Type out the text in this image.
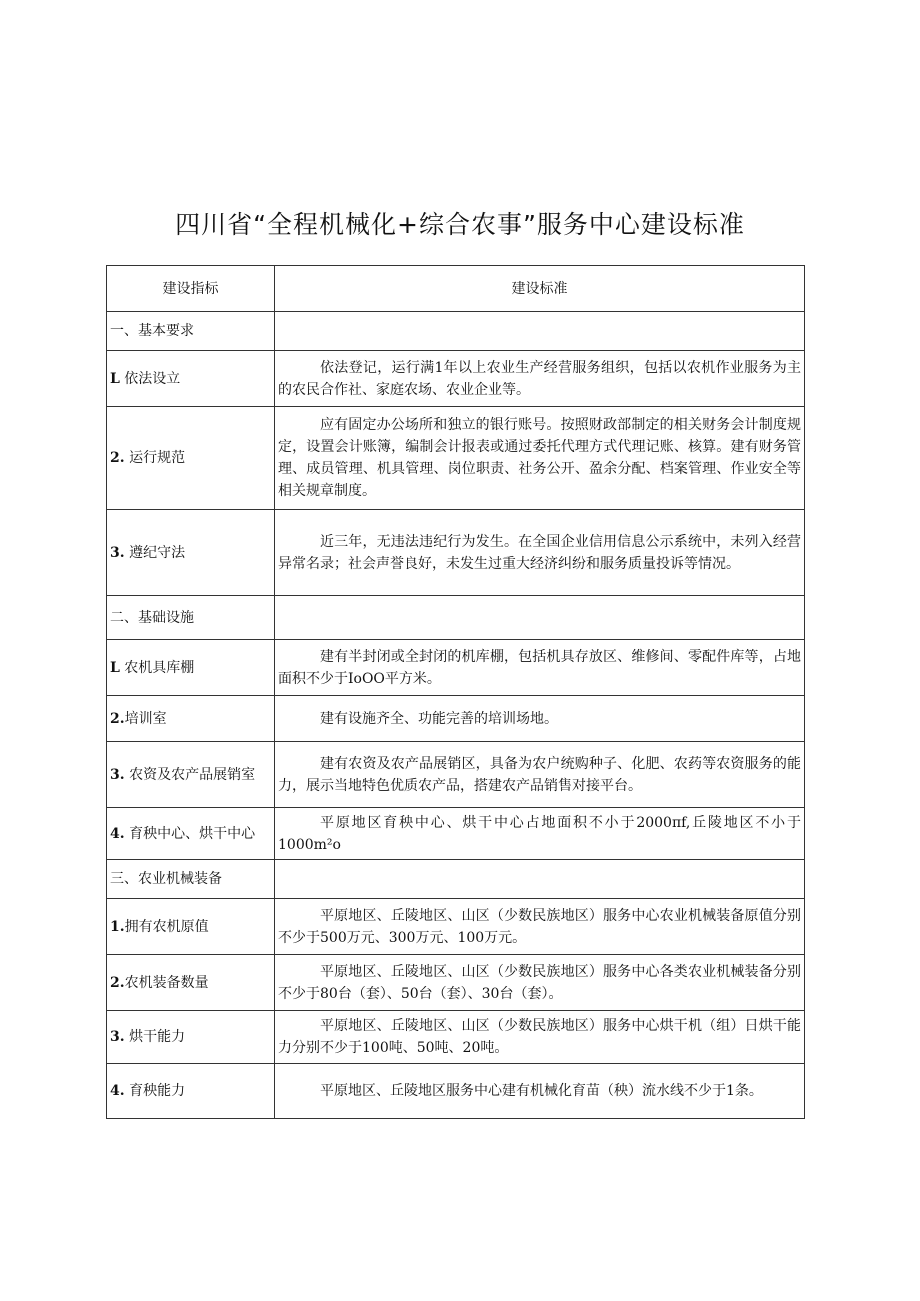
四川省“全程机械化+综合农事”服务中心建设标准
建设指标	建设标准
一、基本要求	
L 依法设立	依法登记，运行满1年以上农业生产经营服务组织，包括以农机作业服务为主的农民合作社、家庭农场、农业企业等。
2. 运行规范	应有固定办公场所和独立的银行账号。按照财政部制定的相关财务会计制度规定，设置会计账簿，编制会计报表或通过委托代理方式代理记账、核算。建有财务管理、成员管理、机具管理、岗位职责、社务公开、盈余分配、档案管理、作业安全等相关规章制度。
3. 遵纪守法	近三年，无违法违纪行为发生。在全国企业信用信息公示系统中，未列入经营异常名录；社会声誉良好，未发生过重大经济纠纷和服务质量投诉等情况。
二、基础设施	
L 农机具库棚	建有半封闭或全封闭的机库棚，包括机具存放区、维修间、零配件库等，占地面积不少于IoOO平方米。
2.培训室	建有设施齐全、功能完善的培训场地。
3. 农资及农产品展销室	建有农资及农产品展销区，具备为农户统购种子、化肥、农药等农资服务的能力，展示当地特色优质农产品，搭建农产品销售对接平台。
4. 育秧中心、烘干中心	平原地区育秧中心、烘干中心占地面积不小于2000πf,丘陵地区不小于1000m²o
三、农业机械装备	
1.拥有农机原值	平原地区、丘陵地区、山区（少数民族地区）服务中心农业机械装备原值分别不少于500万元、300万元、100万元。
2.农机装备数量	平原地区、丘陵地区、山区（少数民族地区）服务中心各类农业机械装备分别不少于80台（套）、50台（套）、30台（套）。
3. 烘干能力	平原地区、丘陵地区、山区（少数民族地区）服务中心烘干机（组）日烘干能力分别不少于100吨、50吨、20吨。
4. 育秧能力	平原地区、丘陵地区服务中心建有机械化育苗（秧）流水线不少于1条。
